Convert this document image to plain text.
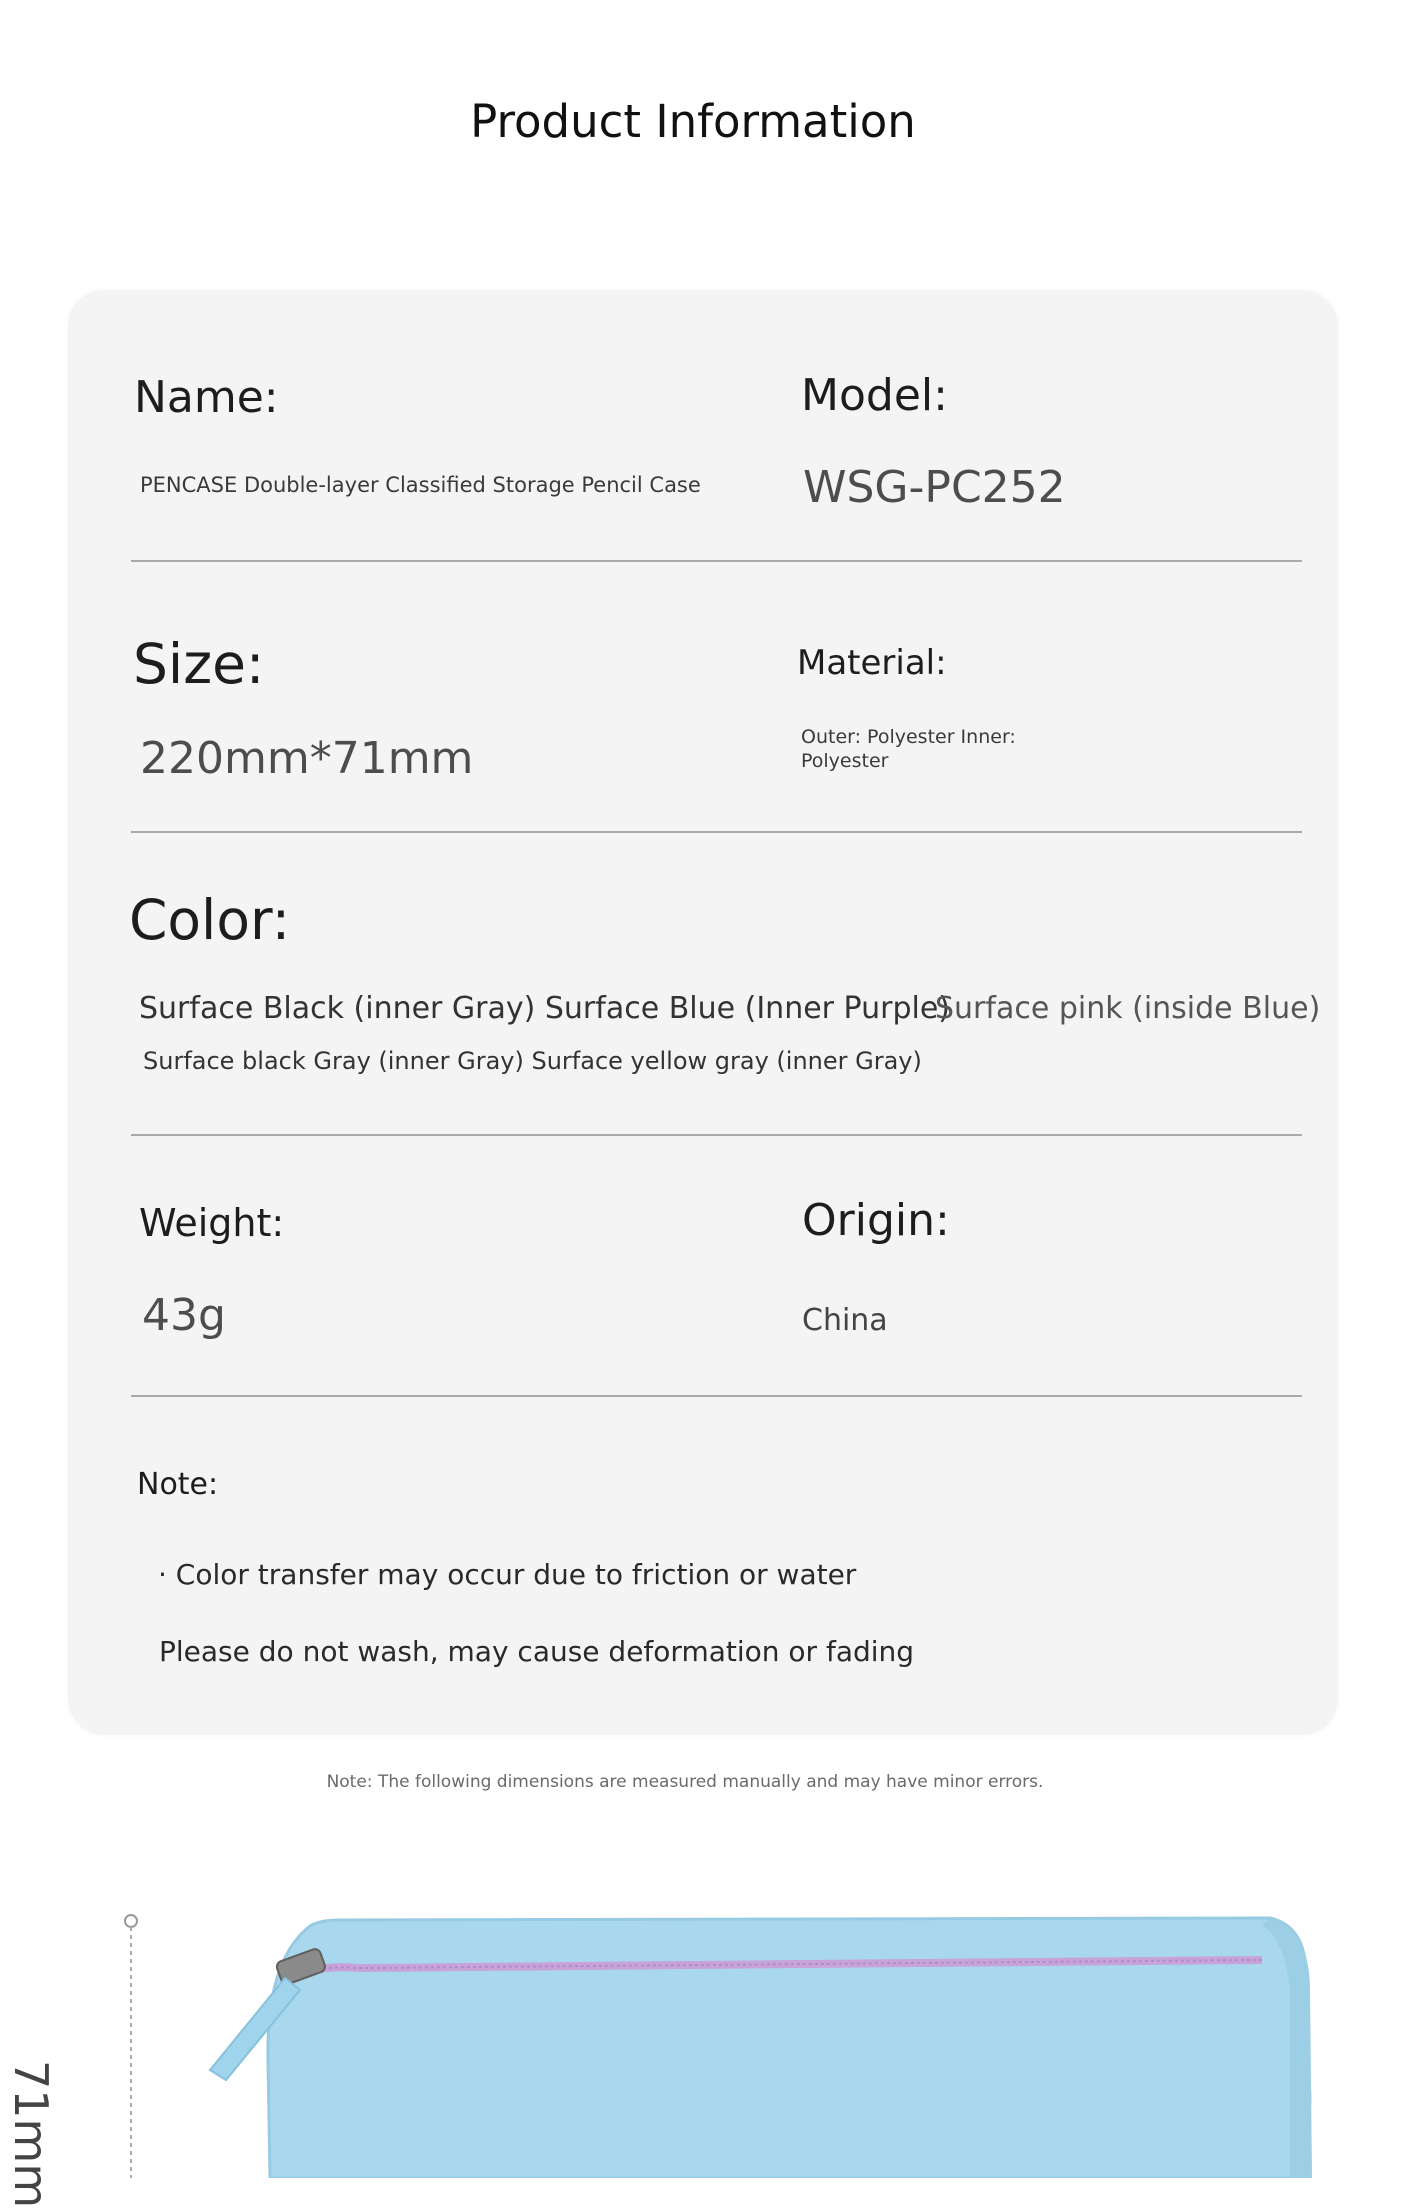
Product Information
Name:
PENCASE Double-layer Classified Storage Pencil Case
Model:
WSG-PC252
Size:
220mm*71mm
Material:
Outer: Polyester Inner:
Polyester
Color:
Surface Black (inner Gray) Surface Blue (Inner Purple)
Surface pink (inside Blue)
Surface black Gray (inner Gray) Surface yellow gray (inner Gray)
Weight:
43g
Origin:
China
Note:
· Color transfer may occur due to friction or water
Please do not wash, may cause deformation or fading
Note: The following dimensions are measured manually and may have minor errors.
71mm
